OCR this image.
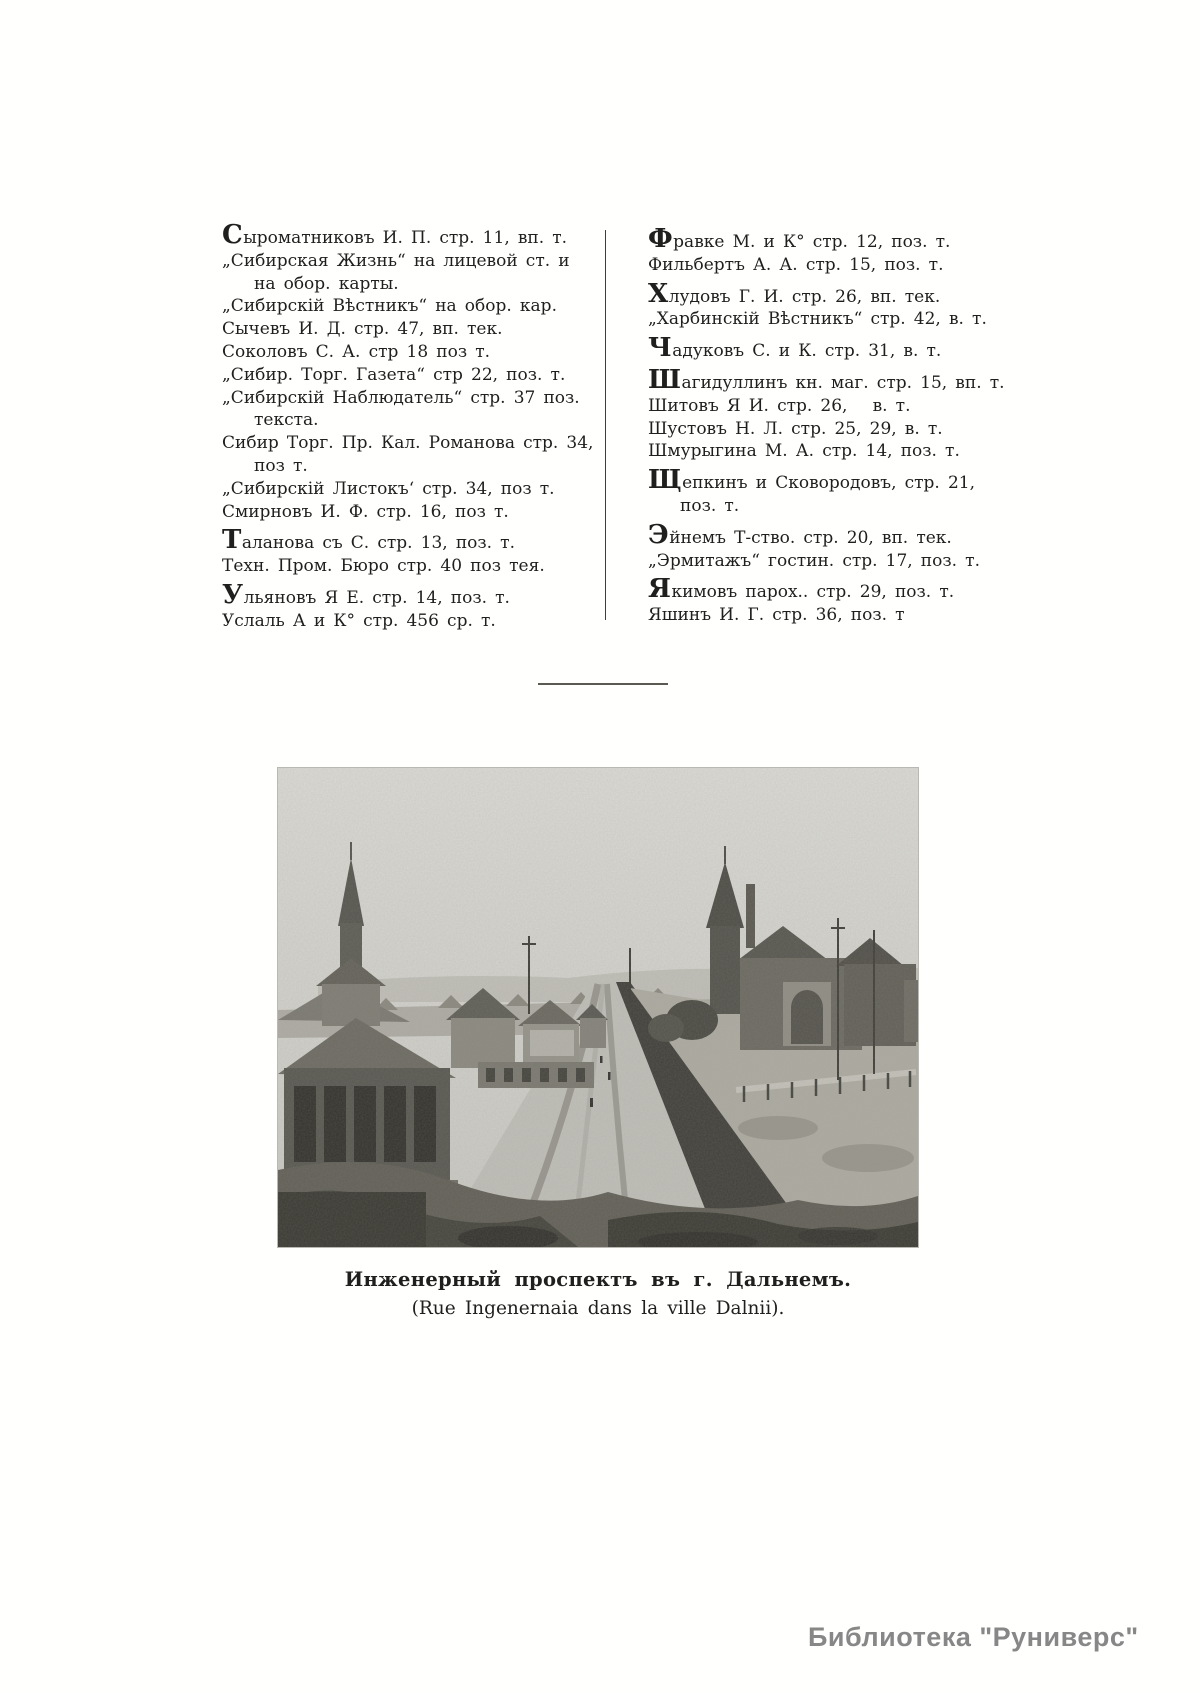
Сыроматниковъ И. П. стр. 11, вп. т.
„Сибирская Жизнь“ на лицевой ст. и
на обор. карты.
„Сибирскій Вѣстникъ“ на обор. кар.
Сычевъ И. Д. стр. 47, вп. тек.
Соколовъ С. А. стр 18 поз т.
„Сибир. Торг. Газета“ стр 22, поз. т.
„Сибирскій Наблюдатель“ стр. 37 поз.
текста.
Сибир Торг. Пр. Кал. Романова стр. 34,
поз т.
„Сибирскій Листокъ‘ стр. 34, поз т.
Смирновъ И. Ф. стр. 16, поз т.
Таланова съ С. стр. 13, поз. т.
Техн. Пром. Бюро стр. 40 поз тея.
Ульяновъ Я Е. стр. 14, поз. т.
Услаль А и К° стр. 456 ср. т.
Фравке М. и К° стр. 12, поз. т.
Фильбертъ А. А. стр. 15, поз. т.
Хлудовъ Г. И. стр. 26, вп. тек.
„Харбинскій Вѣстникъ“ стр. 42, в. т.
Чадуковъ С. и К. стр. 31, в. т.
Шагидуллинъ кн. маг. стр. 15, вп. т.
Шитовъ Я И. стр. 26,  в. т.
Шустовъ Н. Л. стр. 25, 29, в. т.
Шмурыгина М. А. стр. 14, поз. т.
Щепкинъ и Сковородовъ, стр. 21,
поз. т.
Эйнемъ Т-ство. стр. 20, вп. тек.
„Эрмитажъ“ гостин. стр. 17, поз. т.
Якимовъ парох.. стр. 29, поз. т.
Яшинъ И. Г. стр. 36, поз. т
Инженерный проспектъ въ г. Дальнемъ.
(Rue Ingenernaia dans la ville Dalnii).
Библиотека "Руниверс"
